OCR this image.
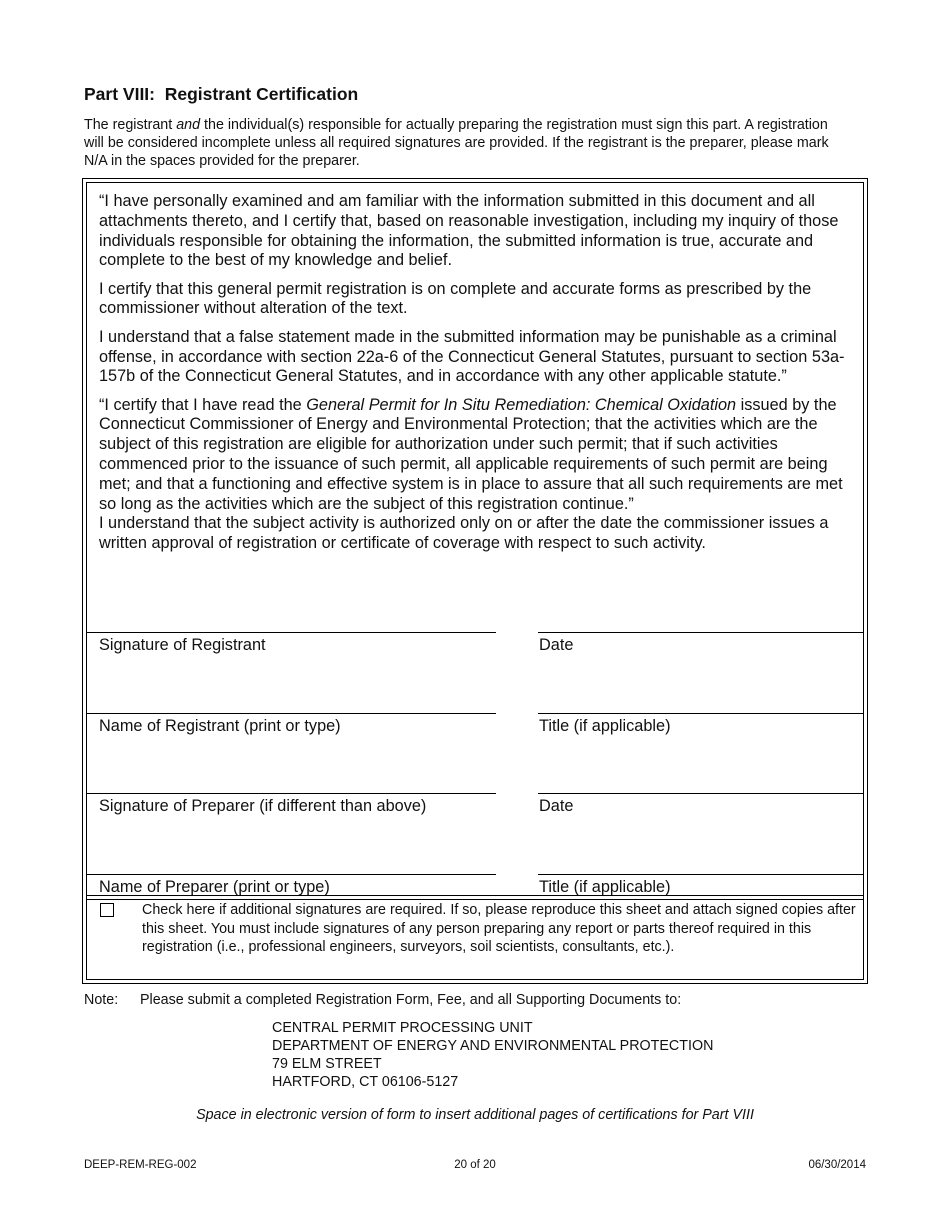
Part VIII:  Registrant Certification
The registrant and the individual(s) responsible for actually preparing the registration must sign this part. A registration will be considered incomplete unless all required signatures are provided. If the registrant is the preparer, please mark N/A in the spaces provided for the preparer.

“I have personally examined and am familiar with the information submitted in this document and all attachments thereto, and I certify that, based on reasonable investigation, including my inquiry of those individuals responsible for obtaining the information, the submitted information is true, accurate and complete to the best of my knowledge and belief.

I certify that this general permit registration is on complete and accurate forms as prescribed by the commissioner without alteration of the text.

I understand that a false statement made in the submitted information may be punishable as a criminal offense, in accordance with section 22a-6 of the Connecticut General Statutes, pursuant to section 53a-157b of the Connecticut General Statutes, and in accordance with any other applicable statute.”

“I certify that I have read the General Permit for In Situ Remediation: Chemical Oxidation issued by the Connecticut Commissioner of Energy and Environmental Protection; that the activities which are the subject of this registration are eligible for authorization under such permit; that if such activities commenced prior to the issuance of such permit, all applicable requirements of such permit are being met; and that a functioning and effective system is in place to assure that all such requirements are met so long as the activities which are the subject of this registration continue.”

I understand that the subject activity is authorized only on or after the date the commissioner issues a written approval of registration or certificate of coverage with respect to such activity.

Signature of Registrant	Date
Name of Registrant (print or type)	Title (if applicable)
Signature of Preparer (if different than above)	Date
Name of Preparer (print or type)	Title (if applicable)
Check here if additional signatures are required. If so, please reproduce this sheet and attach signed copies after this sheet. You must include signatures of any person preparing any report or parts thereof required in this registration (i.e., professional engineers, surveyors, soil scientists, consultants, etc.).
Note: Please submit a completed Registration Form, Fee, and all Supporting Documents to:
CENTRAL PERMIT PROCESSING UNIT
DEPARTMENT OF ENERGY AND ENVIRONMENTAL PROTECTION
79 ELM STREET
HARTFORD, CT 06106-5127
Space in electronic version of form to insert additional pages of certifications for Part VIII
DEEP-REM-REG-002	20 of 20	06/30/2014
